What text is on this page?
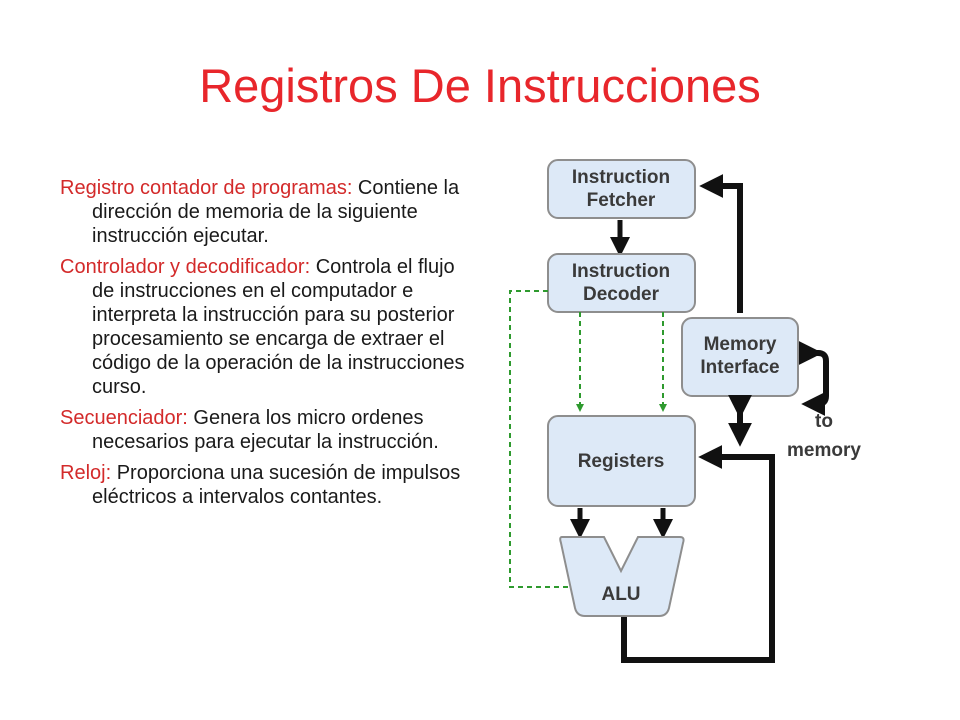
Registros De Instrucciones
Registro contador de programas: Contiene la dirección de memoria de la siguiente instrucción ejecutar.
Controlador y decodificador: Controla el flujo de instrucciones en el computador e interpreta la instrucción para su posterior procesamiento se encarga de extraer el código de la operación de la instrucciones curso.
Secuenciador: Genera los micro ordenes necesarios para ejecutar la instrucción.
Reloj: Proporciona una sucesión de impulsos eléctricos a intervalos contantes.
Instruction
Fetcher
Instruction
Decoder
Registers
ALU
Memory
Interface
to
memory
